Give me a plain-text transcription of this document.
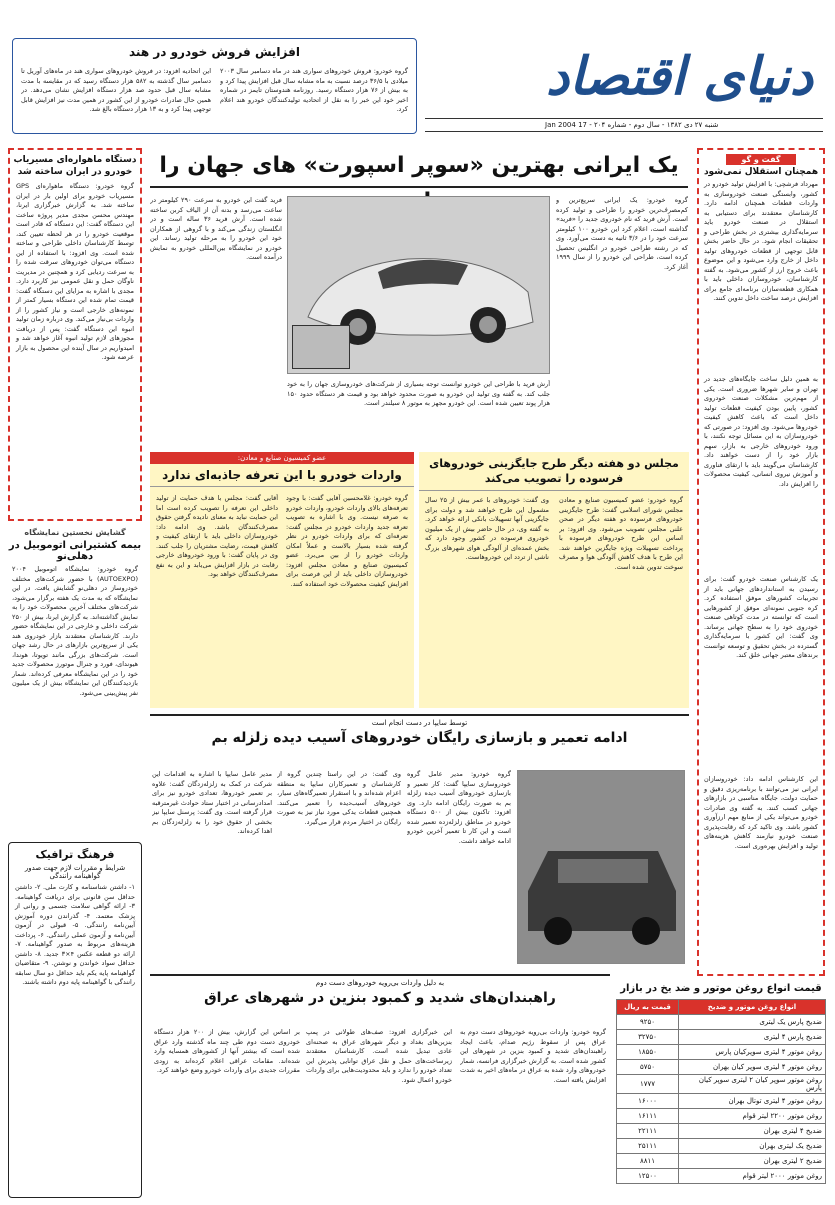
دنیای اقتصاد
شنبه ۲۷ دی ۱۳۸۲ - سال دوم - شماره ۲۰۴ - 17 Jan 2004
افزایش فروش خودرو در هند
گروه خودرو: فروش خودروهای سواری هند در ماه دسامبر سال ۲۰۰۳ میلادی با ۳۶/۵ درصد نسبت به ماه مشابه سال قبل افزایش پیدا کرد و به بیش از ۷۶ هزار دستگاه رسید. روزنامه هندوستان تایمز در شماره اخیر خود این خبر را به نقل از اتحادیه تولیدکنندگان خودرو هند اعلام کرد.
این اتحادیه افزود: در فروش خودروهای سواری هند در ماه‌های آوریل تا دسامبر سال گذشته به ۵۸۲ هزار دستگاه رسید که در مقایسه با مدت مشابه سال قبل حدود صد هزار دستگاه افزایش نشان می‌دهد. در همین حال صادرات خودرو از این کشور در همین مدت نیز افزایش قابل توجهی پیدا کرد و به ۱۳ هزار دستگاه بالغ شد.
دستگاه ماهواره‌ای مسیریاب خودرو در ایران ساخته شد
گروه خودرو: دستگاه ماهواره‌ای GPS مسیریاب خودرو برای اولین بار در ایران ساخته شد. به گزارش خبرگزاری ایرنا، مهندس محسن مجدی مدیر پروژه ساخت این دستگاه گفت: این دستگاه که قادر است موقعیت خودرو را در هر لحظه تعیین کند، توسط کارشناسان داخلی طراحی و ساخته شده است. وی افزود: با استفاده از این دستگاه می‌توان خودروهای سرقت شده را به سرعت ردیابی کرد و همچنین در مدیریت ناوگان حمل و نقل عمومی نیز کاربرد دارد. مجدی با اشاره به مزایای این دستگاه گفت: قیمت تمام شده این دستگاه بسیار کمتر از نمونه‌های خارجی است و نیاز کشور را از واردات بی‌نیاز می‌کند. وی درباره زمان تولید انبوه این دستگاه گفت: پس از دریافت مجوزهای لازم تولید انبوه آغاز خواهد شد و امیدواریم در سال آینده این محصول به بازار عرضه شود.
گشایش نخستین نمایشگاه
بیمه کشتیرانی اتوموبیل در دهلی‌نو
گروه خودرو: نمایشگاه اتوموبیل ۲۰۰۴ (AUTOEXPO) با حضور شرکت‌های مختلف خودروساز در دهلی‌نو گشایش یافت. در این نمایشگاه که به مدت یک هفته برگزار می‌شود، شرکت‌های مختلف آخرین محصولات خود را به نمایش گذاشته‌اند. به گزارش ایرنا، بیش از ۲۵۰ شرکت داخلی و خارجی در این نمایشگاه حضور دارند. کارشناسان معتقدند بازار خودروی هند یکی از سریع‌ترین بازارهای در حال رشد جهان است. شرکت‌های بزرگی مانند تویوتا، هوندا، هیوندای، فورد و جنرال موتورز محصولات جدید خود را در این نمایشگاه معرفی کرده‌اند. شمار بازدیدکنندگان این نمایشگاه بیش از یک میلیون نفر پیش‌بینی می‌شود.
فرهنگ ترافیک
شرایط و مقررات لازم جهت صدور گواهینامه رانندگی
۱- داشتن شناسنامه و کارت ملی. ۲- داشتن حداقل سن قانونی برای دریافت گواهینامه. ۳- ارائه گواهی سلامت جسمی و روانی از پزشک معتمد. ۴- گذراندن دوره آموزش آیین‌نامه رانندگی. ۵- قبولی در آزمون آیین‌نامه و آزمون عملی رانندگی. ۶- پرداخت هزینه‌های مربوط به صدور گواهینامه. ۷- ارائه دو قطعه عکس ۴×۳ جدید. ۸- داشتن حداقل سواد خواندن و نوشتن. ۹- متقاضیان گواهینامه پایه یکم باید حداقل دو سال سابقه رانندگی با گواهینامه پایه دوم داشته باشند.
گفت و گو
همچنان استقلال نمی‌شود
مهرداد فرشچی: با افزایش تولید خودرو در کشور، وابستگی صنعت خودروسازی به واردات قطعات همچنان ادامه دارد. کارشناسان معتقدند برای دستیابی به استقلال در صنعت خودرو باید سرمایه‌گذاری بیشتری در بخش طراحی و تحقیقات انجام شود. در حال حاضر بخش قابل توجهی از قطعات خودروهای تولید داخل از خارج وارد می‌شود و این موضوع باعث خروج ارز از کشور می‌شود. به گفته کارشناسان، خودروسازان داخلی باید با همکاری قطعه‌سازان برنامه‌ای جامع برای افزایش درصد ساخت داخل تدوین کنند.
به همین دلیل ساخت جایگاه‌های جدید در تهران و سایر شهرها ضروری است. یکی از مهم‌ترین مشکلات صنعت خودروی کشور، پایین بودن کیفیت قطعات تولید داخل است که باعث کاهش کیفیت خودروها می‌شود. وی افزود: در صورتی که خودروسازان به این مسائل توجه نکنند، با ورود خودروهای خارجی به بازار، سهم بازار خود را از دست خواهند داد. کارشناسان می‌گویند باید با ارتقای فناوری و آموزش نیروی انسانی، کیفیت محصولات را افزایش داد.
یک کارشناس صنعت خودرو گفت: برای رسیدن به استانداردهای جهانی باید از تجربیات کشورهای موفق استفاده کرد. کره جنوبی نمونه‌ای موفق از کشورهایی است که توانسته در مدت کوتاهی صنعت خودروی خود را به سطح جهانی برساند. وی گفت: این کشور با سرمایه‌گذاری گسترده در بخش تحقیق و توسعه توانست برندهای معتبر جهانی خلق کند.
این کارشناس ادامه داد: خودروسازان ایرانی نیز می‌توانند با برنامه‌ریزی دقیق و حمایت دولت، جایگاه مناسبی در بازارهای جهانی کسب کنند. به گفته وی صادرات خودرو می‌تواند یکی از منابع مهم ارزآوری کشور باشد. وی تاکید کرد که رقابت‌پذیری صنعت خودرو نیازمند کاهش هزینه‌های تولید و افزایش بهره‌وری است.
یک ایرانی بهترین «سوپر اسپورت» های جهان را
گروه خودرو: یک ایرانی سریع‌ترین و کم‌مصرف‌ترین خودرو را طراحی و تولید کرده است. آرش فرید که نام خودروی جدید را «فرید» گذاشته است، اعلام کرد این خودرو ۱۰۰ کیلومتر سرعت خود را در ۳/۶ ثانیه به دست می‌آورد. وی که در رشته طراحی خودرو در انگلیس تحصیل کرده است، طراحی این خودرو را از سال ۱۹۹۹ آغاز کرد.
فرید گفت این خودرو به سرعت ۲۹۰ کیلومتر در ساعت می‌رسد و بدنه آن از الیاف کربن ساخته شده است. آرش فرید ۳۶ ساله است و در انگلستان زندگی می‌کند و با گروهی از همکاران خود این خودرو را به مرحله تولید رساند. این خودرو در نمایشگاه بین‌المللی خودرو به نمایش درآمده است.
آرش فرید با طراحی این خودرو توانست توجه بسیاری از شرکت‌های خودروسازی جهان را به خود جلب کند. به گفته وی تولید این خودرو به صورت محدود خواهد بود و قیمت هر دستگاه حدود ۱۵۰ هزار پوند تعیین شده است. این خودرو مجهز به موتور ۸ سیلندر است.
مجلس دو هفته دیگر طرح جایگزینی خودروهای فرسوده را تصویب می‌کند
گروه خودرو: عضو کمیسیون صنایع و معادن مجلس شورای اسلامی گفت: طرح جایگزینی خودروهای فرسوده دو هفته دیگر در صحن علنی مجلس تصویب می‌شود. وی افزود: بر اساس این طرح خودروهای فرسوده با پرداخت تسهیلات ویژه جایگزین خواهند شد. این طرح با هدف کاهش آلودگی هوا و مصرف سوخت تدوین شده است.
وی گفت: خودروهای با عمر بیش از ۲۵ سال مشمول این طرح خواهند شد و دولت برای جایگزینی آنها تسهیلات بانکی ارائه خواهد کرد. به گفته وی، در حال حاضر بیش از یک میلیون خودروی فرسوده در کشور وجود دارد که بخش عمده‌ای از آلودگی هوای شهرهای بزرگ ناشی از تردد این خودروهاست.
عضو کمیسیون صنایع و معادن:
واردات خودرو با این تعرفه جاذبه‌ای ندارد
گروه خودرو: غلامحسین آقایی گفت: با وجود تعرفه‌های بالای واردات خودرو، واردات خودرو به صرفه نیست. وی با اشاره به تصویب تعرفه جدید واردات خودرو در مجلس گفت: تعرفه‌ای که برای واردات خودرو در نظر گرفته شده بسیار بالاست و عملاً امکان واردات خودرو را از بین می‌برد. عضو کمیسیون صنایع و معادن مجلس افزود: خودروسازان داخلی باید از این فرصت برای افزایش کیفیت محصولات خود استفاده کنند.
آقایی گفت: مجلس با هدف حمایت از تولید داخلی این تعرفه را تصویب کرده است اما این حمایت نباید به معنای نادیده گرفتن حقوق مصرف‌کنندگان باشد. وی ادامه داد: خودروسازان داخلی باید با ارتقای کیفیت و کاهش قیمت، رضایت مشتریان را جلب کنند. وی در پایان گفت: با ورود خودروهای خارجی رقابت در بازار افزایش می‌یابد و این به نفع مصرف‌کنندگان خواهد بود.
توسط سایپا در دست انجام است
ادامه تعمیر و بازسازی رایگان خودروهای آسیب دیده زلزله بم
گروه خودرو: مدیر عامل گروه خودروسازی سایپا گفت: کار تعمیر و بازسازی خودروهای آسیب دیده زلزله بم به صورت رایگان ادامه دارد. وی افزود: تاکنون بیش از ۵۰۰ دستگاه خودرو در مناطق زلزله‌زده تعمیر شده است و این کار تا تعمیر آخرین خودرو ادامه خواهد داشت.
وی گفت: در این راستا چندین گروه از کارشناسان و تعمیرکاران سایپا به منطقه اعزام شده‌اند و با استقرار تعمیرگاه‌های سیار، خودروهای آسیب‌دیده را تعمیر می‌کنند. همچنین قطعات یدکی مورد نیاز نیز به صورت رایگان در اختیار مردم قرار می‌گیرد.
مدیر عامل سایپا با اشاره به اقدامات این شرکت در کمک به زلزله‌زدگان گفت: علاوه بر تعمیر خودروها، تعدادی خودرو نیز برای امدادرسانی در اختیار ستاد حوادث غیرمترقبه قرار گرفته است. وی گفت: پرسنل سایپا نیز بخشی از حقوق خود را به زلزله‌زدگان بم اهدا کرده‌اند.
به دلیل واردات بی‌رویه خودروهای دست دوم
راهبندان‌های شدید و کمبود بنزین در شهرهای عراق
گروه خودرو: واردات بی‌رویه خودروهای دست دوم به عراق پس از سقوط رژیم صدام، باعث ایجاد راهبندان‌های شدید و کمبود بنزین در شهرهای این کشور شده است. به گزارش خبرگزاری فرانسه، شمار خودروهای وارد شده به عراق در ماه‌های اخیر به شدت افزایش یافته است.
این خبرگزاری افزود: صف‌های طولانی در پمپ بنزین‌های بغداد و دیگر شهرهای عراق به صحنه‌ای عادی تبدیل شده است. کارشناسان معتقدند زیرساخت‌های حمل و نقل عراق توانایی پذیرش این تعداد خودرو را ندارد و باید محدودیت‌هایی برای واردات خودرو اعمال شود.
بر اساس این گزارش، بیش از ۲۰۰ هزار دستگاه خودروی دست دوم طی چند ماه گذشته وارد عراق شده است که بیشتر آنها از کشورهای همسایه وارد شده‌اند. مقامات عراقی اعلام کرده‌اند به زودی مقررات جدیدی برای واردات خودرو وضع خواهند کرد.
قیمت انواع روغن موتور و ضد یخ در بازار
انواع روغن موتور و ضدیخ	قیمت به ریال
ضدیخ پارس یک لیتری	۹۲۵۰
ضدیخ پارس ۴ لیتری	۳۲۷۵۰
روغن موتور ۴ لیتری سوپرکیان پارس	۱۸۵۵۰
روغن موتور ۴ لیتری سوپر کیان بهران	۵۷۵۰
روغن موتور سوپر کیان ۲ لیتری سوپر کیان پارس	۱۷۷۷
روغن موتور ۴ لیتری توتال بهران	۱۶۰۰۰
روغن موتور ۲۲۰۰ لیتر قوام	۱۶۱۱۱
ضدیخ ۴ لیتری بهران	۲۲۱۱۱
ضدیخ یک لیتری بهران	۲۵۱۱۱
ضدیخ ۲ لیتری بهران	۸۸۱۱
روغن موتور ۲۰۰۰ لیتر قوام	۱۲۵۰۰
